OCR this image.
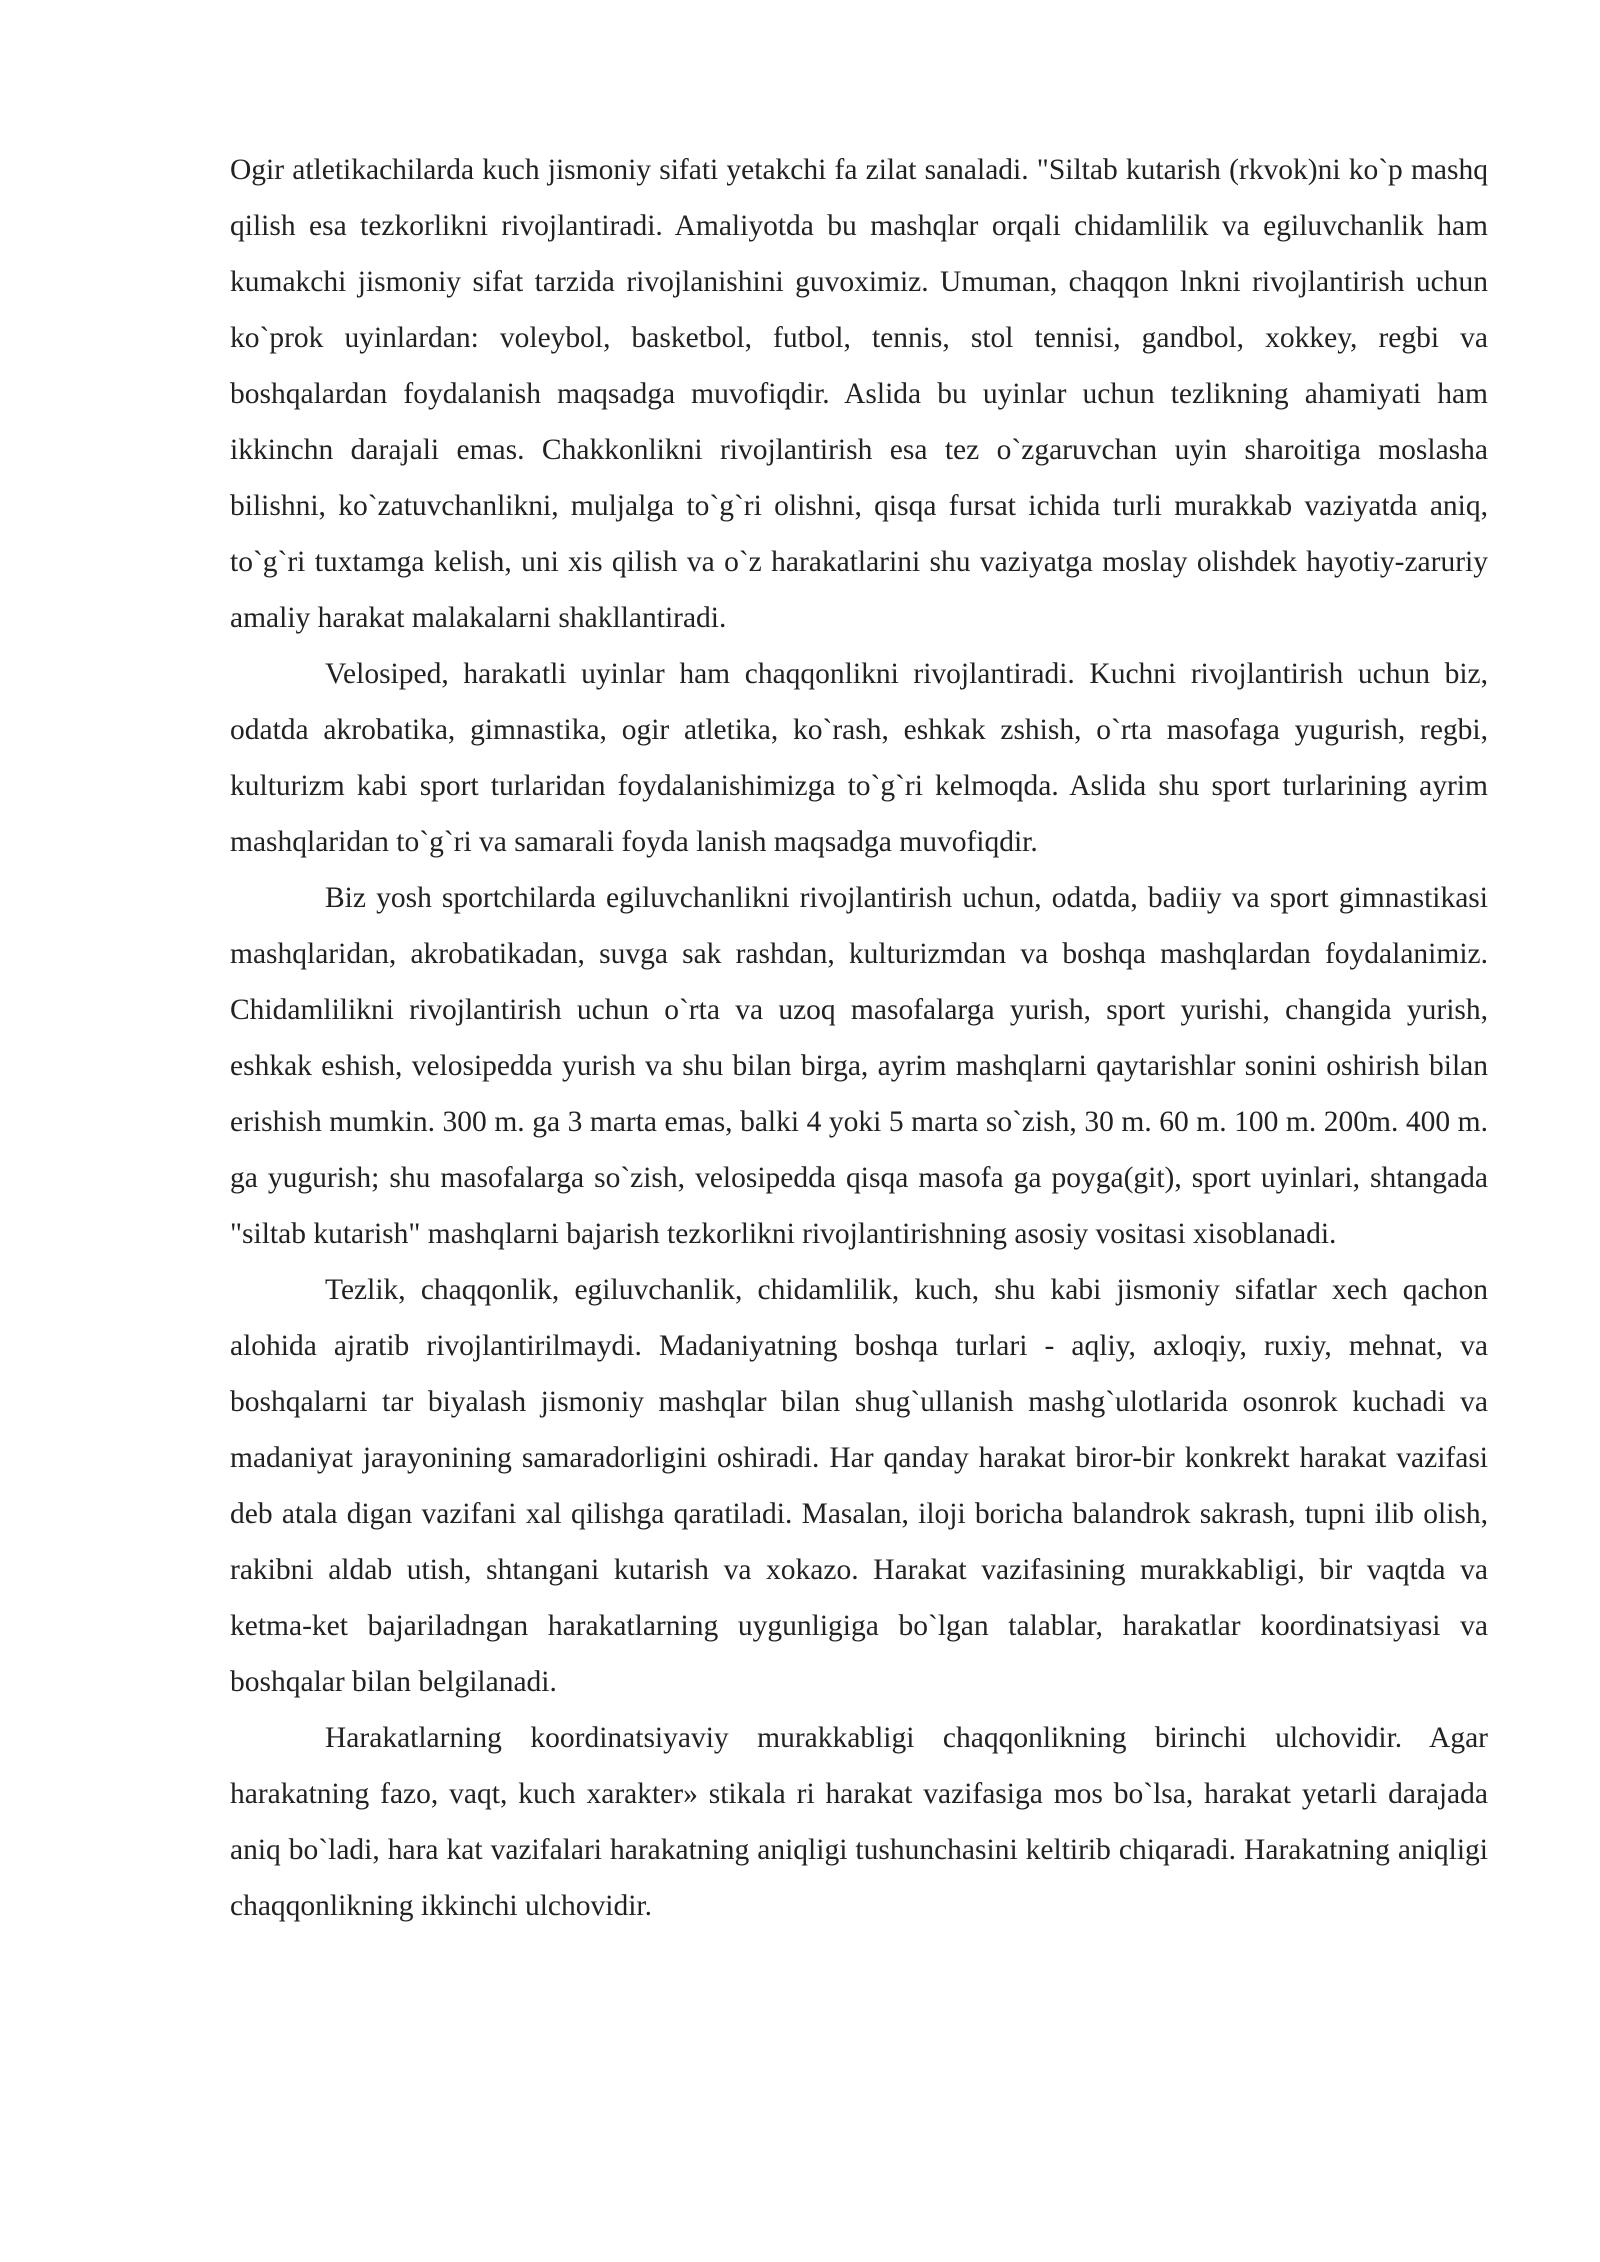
Ogir atletikachilarda kuch jismoniy sifati yetakchi fa zilat sanaladi. "Siltab kutarish (rkvok)ni ko`p mashq qilish esa tezkorlikni rivojlantiradi. Amaliyotda bu mashqlar orqali chidamlilik va egiluvchanlik ham kumakchi jismoniy sifat tarzida rivojlanishini guvoximiz. Umuman, chaqqon lnkni rivojlantirish uchun ko`prok uyinlardan: voleybol, basketbol, futbol, tennis, stol tennisi, gandbol, xokkey, regbi va boshqalardan foydalanish maqsadga muvofiqdir. Aslida bu uyinlar uchun tezlikning ahamiyati ham ikkinchn darajali emas. Chakkonlikni rivojlantirish esa tez o`zgaruvchan uyin sharoitiga moslasha bilishni, ko`zatuvchanlikni, muljalga to`g`ri olishni, qisqa fursat ichida turli murakkab vaziyatda aniq, to`g`ri tuxtamga kelish, uni xis qilish va o`z harakatlarini shu vaziyatga moslay olishdek hayotiy-zaruriy amaliy harakat malakalarni shakllantiradi.

Velosiped, harakatli uyinlar ham chaqqonlikni rivojlantiradi. Kuchni rivojlantirish uchun biz, odatda akrobatika, gimnastika, ogir atletika, ko`rash, eshkak zshish, o`rta masofaga yugurish, regbi, kulturizm kabi sport turlaridan foydalanishimizga to`g`ri kelmoqda. Aslida shu sport turlarining ayrim mashqlaridan to`g`ri va samarali foyda lanish maqsadga muvofiqdir.

Biz yosh sportchilarda egiluvchanlikni rivojlantirish uchun, odatda, badiiy va sport gimnastikasi mashqlaridan, akrobatikadan, suvga sak rashdan, kulturizmdan va boshqa mashqlardan foydalanimiz. Chidamlilikni rivojlantirish uchun o`rta va uzoq masofalarga yurish, sport yurishi, changida yurish, eshkak eshish, velosipedda yurish va shu bilan birga, ayrim mashqlarni qaytarishlar sonini oshirish bilan erishish mumkin. 300 m. ga 3 marta emas, balki 4 yoki 5 marta so`zish, 30 m. 60 m. 100 m. 200m. 400 m. ga yugurish; shu masofalarga so`zish, velosipedda qisqa masofa ga poyga(git), sport uyinlari, shtangada "siltab kutarish" mashqlarni bajarish tezkorlikni rivojlantirishning asosiy vositasi xisoblanadi.

Tezlik, chaqqonlik, egiluvchanlik, chidamlilik, kuch, shu kabi jismoniy sifatlar xech qachon alohida ajratib rivojlantirilmaydi. Madaniyatning boshqa turlari - aqliy, axloqiy, ruxiy, mehnat, va boshqalarni tar biyalash jismoniy mashqlar bilan shug`ullanish mashg`ulotlarida osonrok kuchadi va madaniyat jarayonining samaradorligini oshiradi. Har qanday harakat biror-bir konkrekt harakat vazifasi deb atala digan vazifani xal qilishga qaratiladi. Masalan, iloji boricha balandrok sakrash, tupni ilib olish, rakibni aldab utish, shtangani kutarish va xokazo. Harakat vazifasining murakkabligi, bir vaqtda va ketma-ket bajariladngan harakatlarning uygunligiga bo`lgan talablar, harakatlar koordinatsiyasi va boshqalar bilan belgilanadi.

Harakatlarning koordinatsiyaviy murakkabligi chaqqonlikning birinchi ulchovidir. Agar harakatning fazo, vaqt, kuch xarakter» stikala ri harakat vazifasiga mos bo`lsa, harakat yetarli darajada aniq bo`ladi, hara kat vazifalari harakatning aniqligi tushunchasini keltirib chiqaradi. Harakatning aniqligi chaqqonlikning ikkinchi ulchovidir.
